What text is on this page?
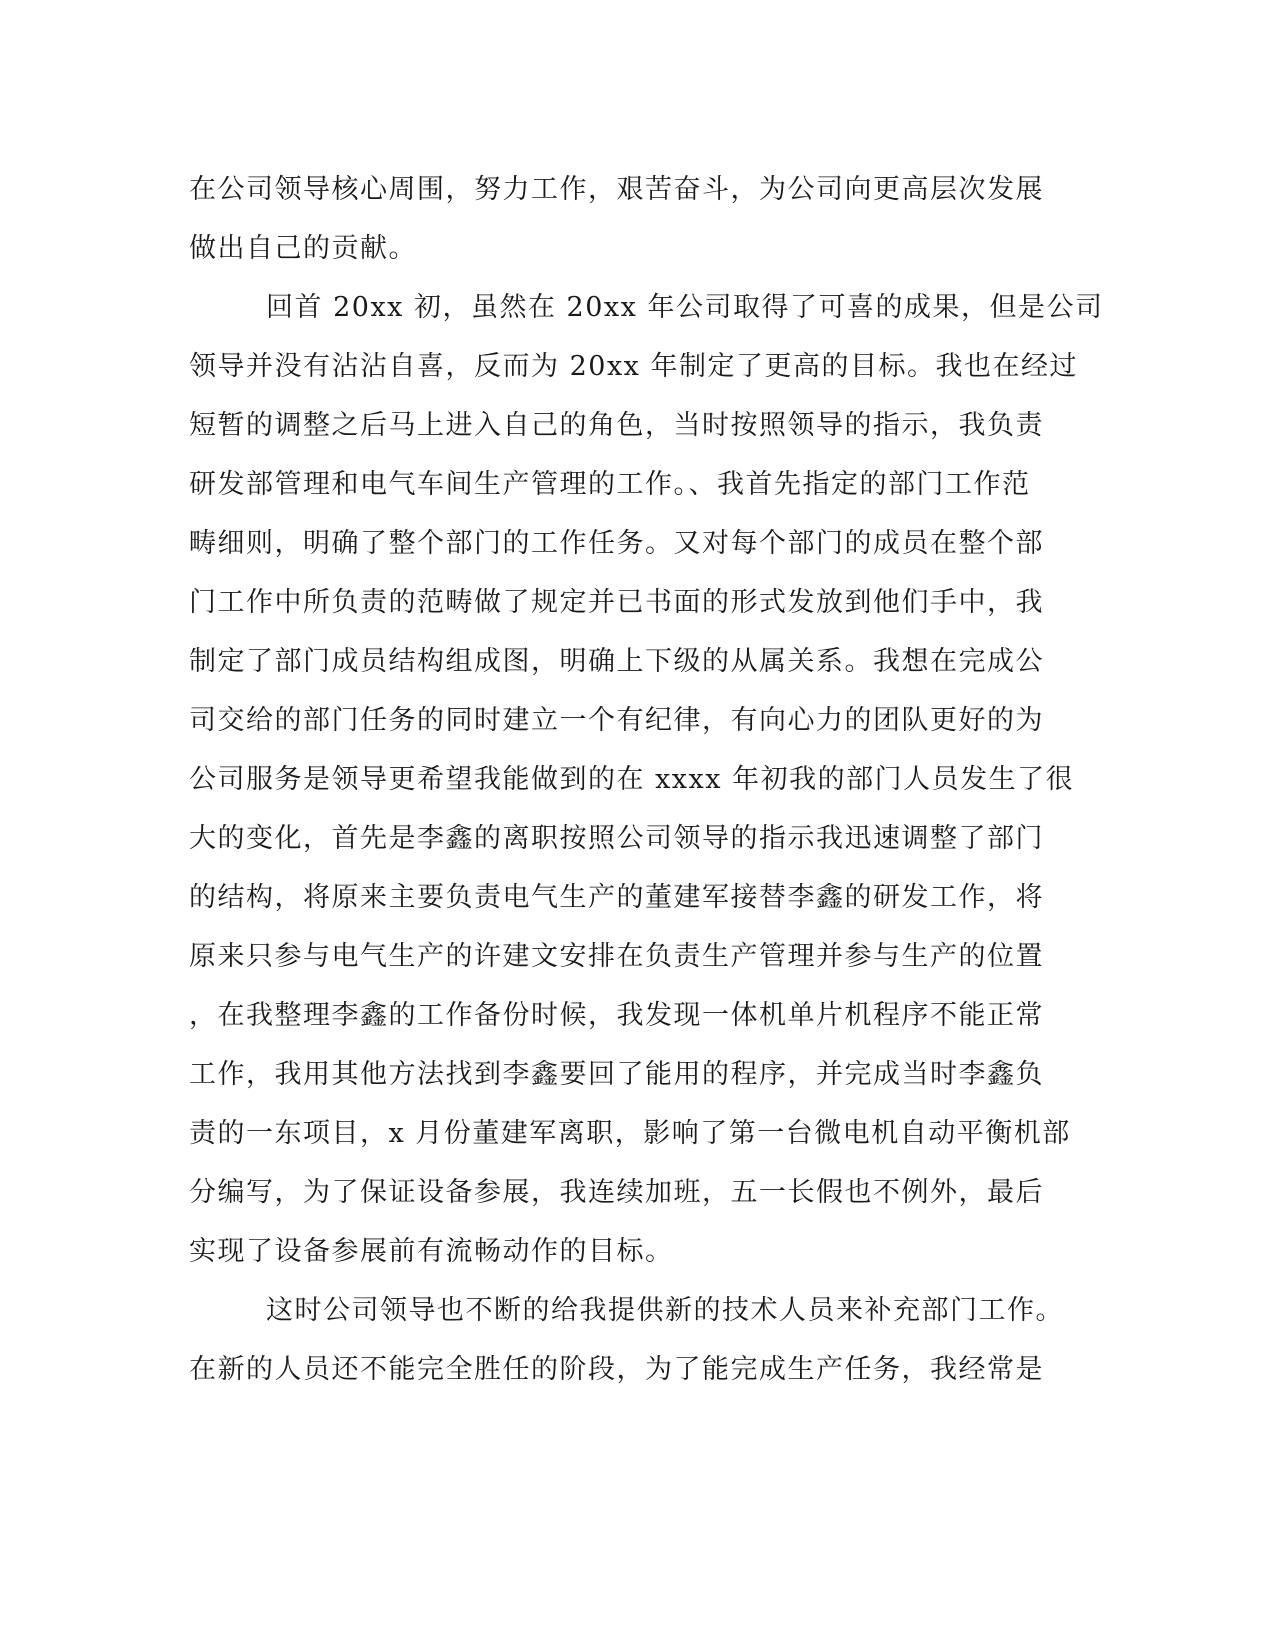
在公司领导核心周围，努力工作，艰苦奋斗，为公司向更高层次发展
做出自己的贡献。
回首 20xx 初，虽然在 20xx 年公司取得了可喜的成果，但是公司
领导并没有沾沾自喜，反而为 20xx 年制定了更高的目标。我也在经过
短暂的调整之后马上进入自己的角色，当时按照领导的指示，我负责
研发部管理和电气车间生产管理的工作。、我首先指定的部门工作范
畴细则，明确了整个部门的工作任务。又对每个部门的成员在整个部
门工作中所负责的范畴做了规定并已书面的形式发放到他们手中，我
制定了部门成员结构组成图，明确上下级的从属关系。我想在完成公
司交给的部门任务的同时建立一个有纪律，有向心力的团队更好的为
公司服务是领导更希望我能做到的在 xxxx 年初我的部门人员发生了很
大的变化，首先是李鑫的离职按照公司领导的指示我迅速调整了部门
的结构，将原来主要负责电气生产的董建军接替李鑫的研发工作，将
原来只参与电气生产的许建文安排在负责生产管理并参与生产的位置
，在我整理李鑫的工作备份时候，我发现一体机单片机程序不能正常
工作，我用其他方法找到李鑫要回了能用的程序，并完成当时李鑫负
责的一东项目，x 月份董建军离职，影响了第一台微电机自动平衡机部
分编写，为了保证设备参展，我连续加班，五一长假也不例外，最后
实现了设备参展前有流畅动作的目标。
这时公司领导也不断的给我提供新的技术人员来补充部门工作。
在新的人员还不能完全胜任的阶段，为了能完成生产任务，我经常是
